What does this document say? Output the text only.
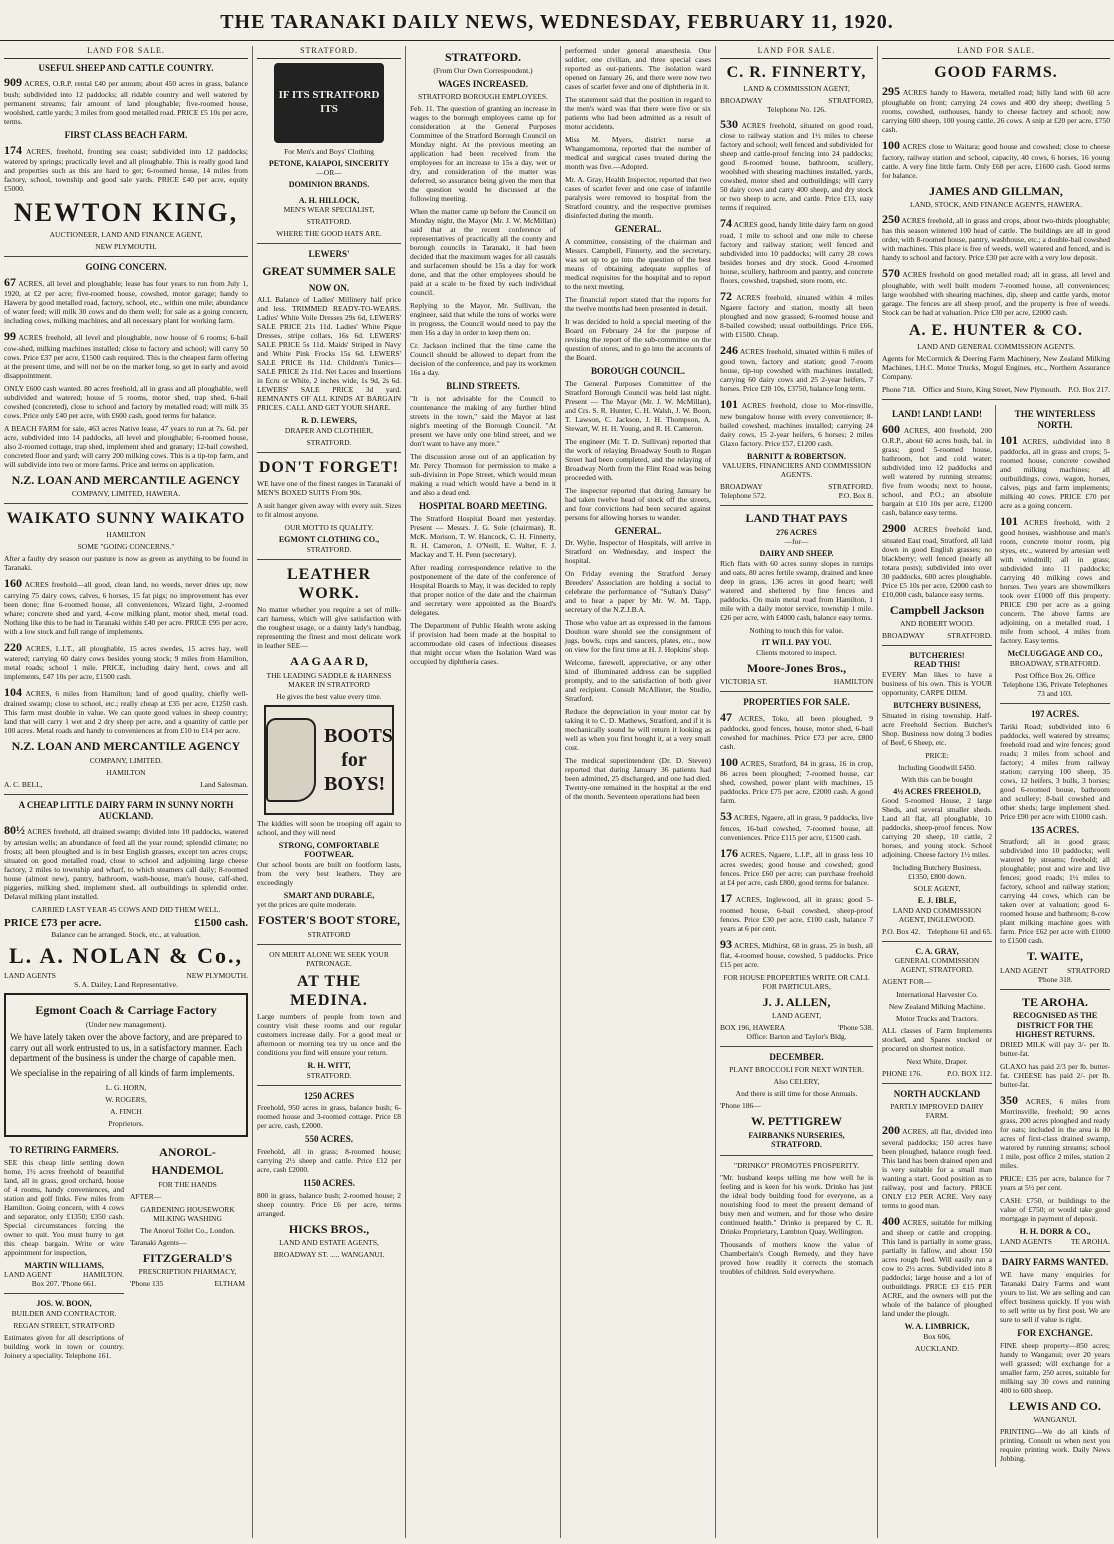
THE TARANAKI DAILY NEWS, WEDNESDAY, FEBRUARY 11, 1920.
LAND FOR SALE.
USEFUL SHEEP AND CATTLE COUNTRY.
909 ACRES, O.R.P. rental £40 per annum; about 450 acres in grass, balance bush; subdivided into 12 paddocks; all ridable country and well watered by permanent streams; fair amount of land ploughable; five-roomed house, woolshed, cattle yards; 3 miles from good metalled road. PRICE £5 10s per acre, terms.
FIRST CLASS BEACH FARM.
174 ACRES, freehold, fronting sea coast; subdivided into 12 paddocks; watered by springs; practically level and all ploughable. This is really good land and properties such as this are hard to get; 6-roomed house, 14 miles from factory, school, township and good sale yards. PRICE £40 per acre, equity £5000.
NEWTON KING,
AUCTIONEER, LAND AND FINANCE AGENT,
NEW PLYMOUTH.
GOING CONCERN.
67 ACRES, all level and ploughable; lease has four years to run from July 1, 1920, at £2 per acre; five-roomed house, cowshed, motor garage; handy to Hawera by good metalled road, factory, school, etc., within one mile; abundance of water feed; will milk 30 cows and do them well; for sale as a going concern, including cows, milking machines, and all necessary plant for working farm.
99 ACRES freehold, all level and ploughable, now house of 6 rooms; 6-bail cow-shed, milking machines installed; close to factory and school; will carry 50 cows. Price £37 per acre, £1500 cash required. This is the cheapest farm offering at the present time, and will not be on the market long, so get in early and avoid disappointment.
ONLY £600 cash wanted. 80 acres freehold, all in grass and all ploughable, well subdivided and watered; house of 5 rooms, motor shed, trap shed, 6-bail cowshed (concreted), close to school and factory by metalled road; will milk 35 cows. Price only £40 per acre, with £600 cash, good terms for balance.
A BEACH FARM for sale, 463 acres Native lease, 47 years to run at 7s. 6d. per acre, subdivided into 14 paddocks, all level and ploughable; 6-roomed house, also 2-roomed cottage, trap shed, implement shed and granary; 12-bail cowshed, concreted floor and yard; will carry 200 milking cows. This is a tip-top farm, and will subdivide into two or more farms. Price and terms on application.
N.Z. LOAN AND MERCANTILE AGENCY
COMPANY, LIMITED, HAWERA.
WAIKATO SUNNY WAIKATO
HAMILTON
SOME "GOING CONCERNS."
After a faulty dry season our pasture is now as green as anything to be found in Taranaki.
160 ACRES freehold—all good, clean land, no weeds, never dries up; now carrying 75 dairy cows, calves, 6 horses, 15 fat pigs; no improvement has ever been done; fine 6-roomed house, all conveniences, Wizard light, 2-roomed whare; concrete shed and yard, 4-cow milking plant, motor shed, metal road. Nothing like this to be had in Taranaki within £40 per acre. PRICE £95 per acre, with a low stock and full range of implements.
220 ACRES, L.I.T., all ploughable, 15 acres swedes, 15 acres hay, well watered; carrying 60 dairy cows besides young stock; 9 miles from Hamilton, metal roads; school 1 mile. PRICE, including dairy herd, cows and all implements, £47 10s per acre, £1500 cash.
104 ACRES, 6 miles from Hamilton; land of good quality, chiefly well-drained swamp; close to school, etc.; really cheap at £35 per acre, £1250 cash. This farm must double in value. We can quote good values in sheep country; land that will carry 1 wet and 2 dry sheep per acre, and a quantity of cattle per 100 acres. Metal roads and handy to conveniences at from £10 to £14 per acre.
N.Z. LOAN AND MERCANTILE AGENCY
COMPANY, LIMITED.
HAMILTON
A. C. BELL,	Land Salesman.
A CHEAP LITTLE DAIRY FARM IN SUNNY NORTH AUCKLAND.
80½ ACRES freehold, all drained swamp; divided into 10 paddocks, watered by artesian wells; an abundance of feed all the year round; splendid climate; no frosts; all been ploughed and is in best English grasses, except ten acres crops; situated on good metalled road, close to school and adjoining large cheese factory, 2 miles to township and wharf, to which steamers call daily; 8-roomed house (almost new), pantry, bathroom, wash-house, man's house, calf-shed, piggeries, milking shed, implement shed, all outbuildings in splendid order. Delaval milking plant installed.
CARRIED LAST YEAR 45 COWS AND DID THEM WELL.
PRICE £73 per acre.	£1500 cash.
Balance can be arranged. Stock, etc., at valuation.
L. A. NOLAN & Co.,
LAND AGENTS	NEW PLYMOUTH.
S. A. Dailey, Land Representative.
Egmont Coach & Carriage Factory
(Under new management).
We have lately taken over the above factory, and are prepared to carry out all work entrusted to us, in a satisfactory manner. Each department of the business is under the charge of capable men.
We specialise in the repairing of all kinds of farm implements.
L. G. HORN,
W. ROGERS,
A. FINCH
Proprietors.
TO RETIRING FARMERS.
SEE this cheap little settling down home, 1½ acres freehold of beautiful land, all in grass, good orchard, house of 4 rooms, handy conveniences, and station and golf links. Few miles from Hamilton. Going concern, with 4 cows and separator, only £1350; £350 cash. Special circumstances forcing the owner to quit. You must hurry to get this cheap bargain. Write or wire appointment for inspection,
MARTIN WILLIAMS,
LAND AGENT	HAMILTON.
Box 207. 'Phone 661.
JOS. W. BOON,
BUILDER AND CONTRACTOR.
REGAN STREET, STRATFORD
Estimates given for all descriptions of building work in town or country. Joinery a speciality. Telephone 161.
ANOROL-
HANDEMOL
FOR THE HANDS
AFTER—
GARDENING HOUSEWORK MILKING WASHING
The Anorol Toilet Co., London.
Taranaki Agents—
FITZGERALD'S
PRESCRIPTION PHARMACY,
'Phone 135	ELTHAM
STRATFORD.
IF ITS STRATFORD ITS
For Men's and Boys' Clothing
PETONE, KAIAPOI, SINCERITY
—OR—
DOMINION BRANDS.
A. H. HILLOCK,
MEN'S WEAR SPECIALIST,
STRATFORD.
WHERE THE GOOD HATS ARE.
LEWERS'
GREAT SUMMER SALE
NOW ON.
ALL Balance of Ladies' Millinery half price and less. TRIMMED READY-TO-WEARS. Ladies' White Voile Dresses 29s 6d, LEWERS' SALE PRICE 21s 11d. Ladies' White Pique Dresses, stripe collars, 16s 6d. LEWERS' SALE PRICE 5s 11d. Maids' Striped in Navy and White Pink Frocks 15s 6d. LEWERS' SALE PRICE 8s 11d. Children's Tunics—SALE PRICE 2s 11d. Net Laces and Insertions in Ecru or White, 2 inches wide, 1s 9d, 2s 6d. LEWERS' SALE PRICE 3d yard. REMNANTS OF ALL KINDS AT BARGAIN PRICES. CALL AND GET YOUR SHARE.
R. D. LEWERS,
DRAPER AND CLOTHIER,
STRATFORD.
DON'T FORGET!
WE have one of the finest ranges in Taranaki of MEN'S BOXED SUITS From 90s.
A suit hanger given away with every suit. Sizes to fit almost anyone.
OUR MOTTO IS QUALITY.
EGMONT CLOTHING CO.,
STRATFORD.
LEATHER WORK.
No matter whether you require a set of milk-cart harness, which will give satisfaction with the roughest usage, or a dainty lady's handbag, representing the finest and most delicate work in leather SEE—
A A G A A R D,
THE LEADING SADDLE & HARNESS MAKER IN STRATFORD
He gives the best value every time.
BOOTS for BOYS!
The kiddies will soon be trooping off again to school, and they will need
STRONG, COMFORTABLE FOOTWEAR.
Our school boots are built on footform lasts, from the very best leathers. They are exceedingly
SMART AND DURABLE,
yet the prices are quite moderate.
FOSTER'S BOOT STORE,
STRATFORD
ON MERIT ALONE WE SEEK YOUR PATRONAGE.
AT THE MEDINA.
Large numbers of people from town and country visit these rooms and our regular customers increase daily. For a good meal or afternoon or morning tea try us once and the conditions you find will ensure your return.
R. H. WITT,
STRATFORD.
1250 ACRES
Freehold, 950 acres in grass, balance bush; 6-roomed house and 3-roomed cottage. Price £8 per acre, cash, £2000.
550 ACRES.
Freehold, all in grass; 8-roomed house; carrying 2½ sheep and cattle. Price £12 per acre, cash £2000.
1150 ACRES.
800 in grass, balance bush; 2-roomed house; 2 sheep country. Price £6 per acre, terms arranged.
HICKS BROS.,
LAND AND ESTATE AGENTS,
BROADWAY ST. ..... WANGANUI.
STRATFORD.
(From Our Own Correspondent.)
WAGES INCREASED.
STRATFORD BOROUGH EMPLOYEES.

Feb. 11. The question of granting an increase in wages to the borough employees came up for consideration at the General Purposes Committee of the Stratford Borough Council on Monday night. At the previous meeting an application had been received from the employees for an increase to 15s a day, wet or dry, and consideration of the matter was deferred, so assurance being given the men that the question would be discussed at the following meeting.

When the matter came up before the Council on Monday night, the Mayor (Mr. J. W. McMillan) said that at the recent conference of representatives of practically all the county and borough councils in Taranaki, it had been decided that the maximum wages for all casuals and surfacemen should be 15s a day for work done, and that the other employees should be paid at a scale to be fixed by each individual council.

Replying to the Mayor, Mr. Sullivan, the engineer, said that while the tons of works were in progress, the Council would need to pay the men 16s a day in order to keep them on.

Cr. Jackson inclined that the time came the Council should be allowed to depart from the decision of the conference, and pay its workmen 16s a day.

BLIND STREETS.

"It is not advisable for the Council to countenance the making of any further blind streets in the town," said the Mayor at last night's meeting of the Borough Council. "At present we have only one blind street, and we don't want to have any more."

The discussion arose out of an application by Mr. Percy Thomson for permission to make a sub-division in Pope Street, which would mean making a road which would have a bend in it and also a dead end.

HOSPITAL BOARD MEETING.

The Stratford Hospital Board met yesterday. Present — Messrs. J. G. Sole (chairman), R. McK. Morison, T. W. Hancock, C. H. Finnerty, R. H. Cameron, J. O'Neill, E. Walter, F. J. Mackay and T. H. Penn (secretary).

After reading correspondence relative to the postponement of the date of the conference of Hospital Boards to May, it was decided to reply that proper notice of the date and the chairman and secretary were appointed as the Board's delegates.

The Department of Public Health wrote asking if provision had been made at the hospital to accommodate old cases of infectious diseases that might occur when the Isolation Ward was occupied by diphtheria cases.

performed under general anaesthesia. One soldier, one civilian, and three special cases reported as out-patients. The isolation ward opened on January 26, and there were now two cases of scarlet fever and one of diphtheria in it.

The statement said that the position in regard to the men's ward was that there were five or six patients who had been admitted as a result of motor accidents.

Miss M. Myers, district nurse at Whangamomona, reported that the number of medical and surgical cases treated during the month was five.—Adopted.

Mr. A. Gray, Health Inspector, reported that two cases of scarlet fever and one case of infantile paralysis were removed to hospital from the Stratford country, and the respective premises disinfected during the month.

GENERAL.

A committee, consisting of the chairman and Messrs. Campbell, Finnerty, and the secretary, was set up to go into the question of the best means of obtaining adequate supplies of medical requisites for the hospital and to report to the next meeting.

The financial report stated that the reports for the twelve months had been presented in detail.

It was decided to hold a special meeting of the Board on February 24 for the purpose of revising the report of the sub-committee on the question of stores, and to go into the accounts of the Board.

BOROUGH COUNCIL.

The General Purposes Committee of the Stratford Borough Council was held last night. Present — The Mayor (Mr. J. W. McMillan), and Crs. S. R. Hunter, C. H. Walsh, J. W. Boon, T. Lawson, C. Jackson, J. H. Thompson, A. Stewart, W. H. H. Young, and R. H. Cameron.

The engineer (Mr. T. D. Sullivan) reported that the work of relaying Broadway South to Regan Street had been completed, and the relaying of Broadway North from the Flint Road was being proceeded with.

The inspector reported that during January he had taken twelve head of stock off the streets, and four convictions had been secured against persons for allowing horses to wander.

GENERAL.

Dr. Wylie, Inspector of Hospitals, will arrive in Stratford on Wednesday, and inspect the hospital.

On Friday evening the Stratford Jersey Breeders' Association are holding a social to celebrate the performance of "Sultan's Daisy" and to hear a paper by Mr. W. M. Tapp, secretary of the N.Z.J.B.A.

Those who value art as expressed in the famous Doulton ware should see the consignment of jugs, bowls, cups and saucers, plates, etc., now on view for the first time at H. J. Hopkins' shop.

Welcome, farewell, appreciative, or any other kind of illuminated address can be supplied promptly, and to the satisfaction of both giver and recipient. Consult McAllister, the Studio, Stratford.

Reduce the depreciation in your motor car by taking it to C. D. Mathews, Stratford, and if it is mechanically sound he will return it looking as well as when you first bought it, at a very small cost.

The medical superintendent (Dr. D. Steven) reported that during January 36 patients had been admitted, 25 discharged, and one had died. Twenty-one remained in the hospital at the end of the month. Seventeen operations had been

LAND FOR SALE.
C. R. FINNERTY,
LAND & COMMISSION AGENT,
BROADWAY	STRATFORD,
Telephone No. 126.
530 ACRES freehold, situated on good road, close to railway station and 1½ miles to cheese factory and school; well fenced and subdivided for sheep and cattle-proof fencing into 24 paddocks; good 8-roomed house, bathroom, scullery, woolshed with shearing machines installed, yards, cowshed, motor shed and outbuildings; will carry 50 dairy cows and carry 400 sheep, and dry stock or two sheep to acre, and cattle. Price £13, easy terms if required.
74 ACRES good, handy little dairy farm on good road, 1 mile to school and one mile to cheese factory and railway station; well fenced and subdivided into 10 paddocks; will carry 28 cows besides horses and dry stock. Good 4-roomed house, scullery, bathroom and pantry, and concrete floors, cowshed, trapshed, store room, etc.
72 ACRES freehold, situated within 4 miles Ngaere factory and station, mostly all been ploughed and now grassed; 6-roomed house and 8-bailed cowshed; usual outbuildings. Price £66, with £1500. Cheap.
246 ACRES freehold, situated within 6 miles of good town, factory and station; good 7-room house, tip-top cowshed with machines installed; carrying 60 dairy cows and 25 2-year heifers, 7 horses. Price £28 10s, £3750, balance long term.
101 ACRES freehold, close to Mor-rinsville, new bungalow house with every convenience; 8-bailed cowshed, machines installed; carrying 24 dairy cows, 15 2-year heifers, 6 horses; 2 miles Glaxo factory. Price £57, £1200 cash.
BARNITT & ROBERTSON.
VALUERS, FINANCIERS AND COMMISSION AGENTS.
BROADWAY	STRATFORD.
Telephone 572.	P.O. Box 8.
LAND THAT PAYS
276 ACRES
—for—
DAIRY AND SHEEP.
Rich flats with 60 acres sunny slopes in turnips and oats, 80 acres fertile swamp, drained and knee deep in grass, 136 acres in good heart; well watered and sheltered by fine fences and paddocks. On main metal road from Hamilton, 1 mile with a daily motor service, township 1 mile. £26 per acre, with £4000 cash, balance easy terms.
Nothing to touch this for value.
IT WILL PAY YOU.
Clients motored to inspect.
Moore-Jones Bros.,
VICTORIA ST.	HAMILTON
PROPERTIES FOR SALE.
47 ACRES, Toko, all been ploughed, 9 paddocks, good fences, house, motor shed, 6-bail cowshed for machines. Price £73 per acre, £800 cash.
100 ACRES, Stratford, 84 in grass, 16 in crop, 86 acres been ploughed; 7-roomed house, car shed, cowshed, power plant with machines, 15 paddocks. Price £75 per acre, £2000 cash. A good farm.
53 ACRES, Ngaere, all in grass, 9 paddocks, live fences, 16-bail cowshed, 7-roomed house, all conveniences. Price £115 per acre, £1500 cash.
176 ACRES, Ngaere, L.I.P., all in grass less 10 acres swedes; good house and cowshed; good fences. Price £60 per acre; can purchase freehold at £4 per acre, cash £800, good terms for balance.
17 ACRES, Inglewood, all in grass; good 5-roomed house, 6-bail cowshed, sheep-proof fences. Price £30 per acre, £100 cash, balance 7 years at 6 per cent.
93 ACRES, Midhirst, 68 in grass, 25 in bush, all flat, 4-roomed house, cowshed, 5 paddocks. Price £15 per acre.
FOR HOUSE PROPERTIES WRITE OR CALL FOR PARTICULARS,
J. J. ALLEN,
LAND AGENT,
BOX 196, HAWERA	'Phone 538.
Office: Barton and Taylor's Bldg.
DECEMBER.
PLANT BROCCOLI FOR NEXT WINTER.
Also CELERY,
And there is still time for those Annuals.
'Phone 186—
W. PETTIGREW
FAIRBANKS NURSERIES,
STRATFORD.
"DRINKO" PROMOTES PROSPERITY.
"Mr. husband keeps telling me how well he is feeling and is keen for his work. Drinko has just the ideal body building food for everyone, as a nourishing food to meet the present demand of busy men and women, and for those who desire continued health." Drinko is prepared by C. R. Drinko Proprietary, Lambton Quay, Wellington.
Thousands of mothers know the value of Chamberlain's Cough Remedy, and they have proved how readily it corrects the stomach troubles of children. Sold everywhere.
LAND FOR SALE.
GOOD FARMS.
295 ACRES handy to Hawera, metalled road; hilly land with 60 acre ploughable on front; carrying 24 cows and 400 dry sheep; dwelling 5 rooms, cowshed, outhouses, handy to cheese factory and school; now carrying 600 sheep, 100 young cattle, 26 cows. A snip at £20 per acre, £750 cash.
100 ACRES close to Waitara; good house and cowshed; close to cheese factory, railway station and school, capacity, 40 cows, 6 horses, 16 young cattle. A very fine little farm. Only £68 per acre, £1600 cash. Good terms for balance.
JAMES AND GILLMAN,
LAND, STOCK, AND FINANCE AGENTS, HAWERA.
250 ACRES freehold, all in grass and crops, about two-thirds ploughable; has this season wintered 100 head of cattle. The buildings are all in good order, with 8-roomed house, pantry, washhouse, etc.; a double-bail cowshed with machines. This place is free of weeds, well watered and fenced, and is handy to school and factory. Price £30 per acre with a very low deposit.
570 ACRES freehold on good metalled road; all in grass, all level and ploughable, with well built modern 7-roomed house, all conveniences; large woolshed with shearing machines, dip, sheep and cattle yards, motor garage. The fences are all sheep proof, and the property is free of weeds. Stock can be had at valuation. Price £30 per acre, £2000 cash.
A. E. HUNTER & CO.
LAND AND GENERAL COMMISSION AGENTS.
Agents for McCormick & Deering Farm Machinery, New Zealand Milking Machines, I.H.C. Motor Trucks, Mogul Engines, etc., Northern Assurance Company.
Phone 718. Office and Store, King Street, New Plymouth. P.O. Box 217.
LAND! LAND! LAND!
600 ACRES, 400 freehold, 200 O.R.P., about 60 acres bush, bal. in grass; good 5-roomed house, bathroom, hot and cold water; subdivided into 12 paddocks and well watered by running streams; five from woods; next to house, school, and P.O.; an absolute bargain at £10 10s per acre, £1200 cash, balance easy terms.
2900 ACRES freehold land, situated East road, Stratford, all laid down in good English grasses; no blackberry; well fenced (nearly all totara posts); subdivided into over 30 paddocks, 600 acres ploughable. Price £5 10s per acre, £2000 cash to £10,000 cash, balance easy terms.
Campbell Jackson
AND ROBERT WOOD.
BROADWAY	STRATFORD.
BUTCHERIES!
READ THIS!
EVERY Man likes to have a business of his own. This is YOUR opportunity, CARPE DIEM.
BUTCHERY BUSINESS,
Situated in rising township. Half-acre Freehold Section. Butcher's Shop. Business now doing 3 bodies of Beef, 6 Sheep, etc.
PRICE:
Including Goodwill £450.
With this can be bought
4½ ACRES FREEHOLD,
Good 5-roomed House, 2 large Sheds, and several smaller sheds. Land all flat, all ploughable, 10 paddocks, sheep-proof fences. Now carrying 20 sheep, 10 cattle, 2 horses, and young stock. School adjoining. Cheese factory 1½ miles.
Including Butchery Business, £1350, £800 down.
SOLE AGENT,
E. J. IBLE,
LAND AND COMMISSION AGENT, INGLEWOOD.
P.O. Box 42. Telephone 61 and 65.
C. A. GRAY,
GENERAL COMMISSION AGENT, STRATFORD.
AGENT FOR—
International Harvester Co.
New Zealand Milking Machine.
Motor Trucks and Tractors.
ALL classes of Farm Implements stocked, and Spares stocked or procured on shortest notice.
Next White, Draper.
PHONE 176.	P.O. BOX 112.
NORTH AUCKLAND
PARTLY IMPROVED DAIRY FARM.
200 ACRES, all flat, divided into several paddocks; 150 acres have been ploughed, balance rough feed. This land has been drained open and is very suitable for a small man wanting a start. Good position as to railway, post and factory. PRICE ONLY £12 PER ACRE. Very easy terms to good man.
400 ACRES, suitable for milking and sheep or cattle and cropping. This land is partially in some grass, partially in fallow, and about 150 acres rough feed. Will easily run a cow to 2½ acres. Subdivided into 8 paddocks; large house and a lot of outbuildings. PRICE £3 £15 PER ACRE, and the owners will put the whole of the balance of ploughed land under the plough.
W. A. LIMBRICK,
Box 606,
AUCKLAND.
THE WINTERLESS NORTH.
101 ACRES, subdivided into 8 paddocks, all in grass and crops; 5-roomed house, concrete cowshed and milking machines; all outbuildings, cows, wagon, horses, calves, pigs and farm implements; milking 40 cows. PRICE £70 per acre as a going concern.
101 ACRES freehold, with 2 good houses, washhouse and man's room, concrete motor room, pig styes, etc., watered by artesian well with windmill; all in grass; subdivided into 11 paddocks; carrying 40 milking cows and horses. Two years are showmilkers took over £1000 off this property. PRICE £90 per acre as a going concern. The above farms are adjoining, on a metalled road, 1 mile from school, 4 miles from factory. Easy terms.
McCLUGGAGE AND CO.,
BROADWAY, STRATFORD.
Post Office Box 26. Office Telephone 136, Private Telephones 73 and 103.
197 ACRES.
Tariki Road; subdivided into 6 paddocks, well watered by streams; freehold road and wire fences; good roads; 3 miles from school and factory; 4 miles from railway station; carrying 100 sheep, 35 cows, 12 heifers, 3 bulls, 3 horses; good 6-roomed house, bathroom and scullery; 8-bail cowshed and other sheds; large implement shed. Price £90 per acre with £1000 cash.
135 ACRES.
Stratford; all in good grass; subdivided into 10 paddocks; well watered by streams; freehold; all ploughable; post and wire and live fences; good roads; 1½ miles to factory, school and railway station; carrying 44 cows, which can be taken over at valuation; good 6-roomed house and bathroom; 8-cow plant milking machine goes with farm. Price £62 per acre with £1000 to £1500 cash.
T. WAITE,
LAND AGENT	STRATFORD
'Phone 318.
TE AROHA.
RECOGNISED AS THE DISTRICT FOR THE HIGHEST RETURNS.
DRIED MILK will pay 3/- per lb. butter-fat.
GLAXO has paid 2/3 per lb. butter-fat. CHEESE has paid 2/- per lb. butter-fat.
350 ACRES, 6 miles from Morrinsville, freehold; 90 acres grass, 200 acres ploughed and ready for oats; included in the area is 80 acres of first-class drained swamp, watered by running streams; school 1 mile, post office 2 miles, station 2 miles.
PRICE: £35 per acre, balance for 7 years at 5½ per cent.
CASH: £750, or buildings to the value of £750; or would take good mortgage in payment of deposit.
H. H. DORR & CO.,
LAND AGENTS	TE AROHA.
DAIRY FARMS WANTED.
WE have many enquiries for Taranaki Dairy Farms and want yours to list. We are selling and can effect business quickly. If you wish to sell write us by first post. We are sure to sell if value is right.
FOR EXCHANGE.
FINE sheep property—850 acres; handy to Wanganui; over 20 years well grassed; will exchange for a smaller farm, 250 acres, suitable for milking say 30 cows and running 400 to 600 sheep.
LEWIS AND CO.
WANGANUI.
PRINTING—We do all kinds of printing. Consult us when next you require printing work. Daily News Jobbing.
